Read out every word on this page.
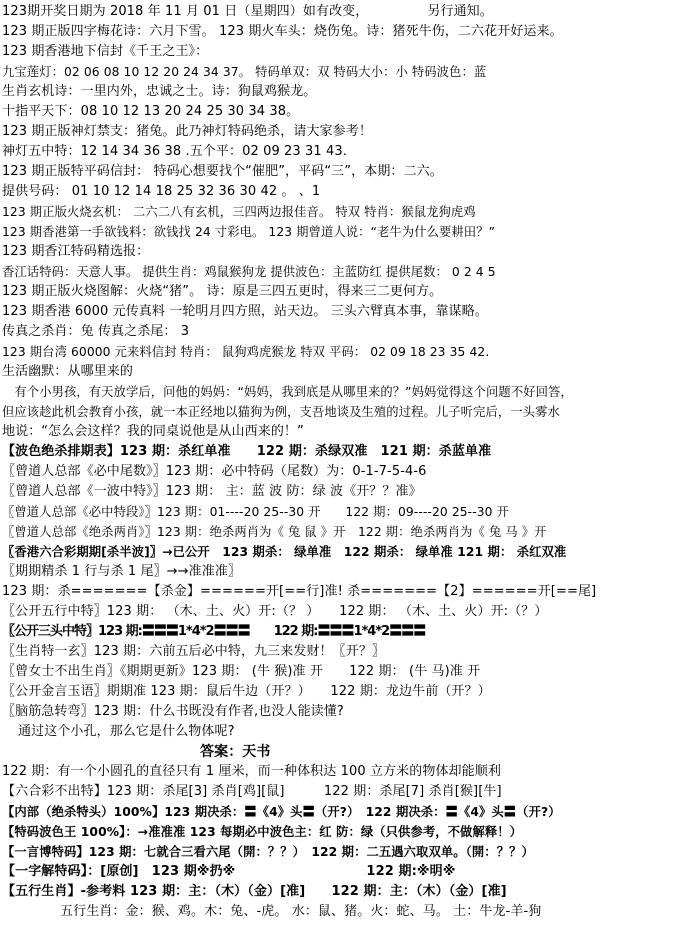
123期开奖日期为 2018 年 11 月 01 日（星期四）如有改变，　　　　　另行通知。
123 期正版四字梅花诗：六月下雪。 123 期火车头：烧伤兔。诗：猪死牛伤，二六花开好运来。
123 期香港地下信封《千王之王》：
九宝莲灯：02 06 08 10 12 20 24 34 37。 特码单双：双 特码大小：小 特码波色：蓝
生肖玄机诗：一里内外，忠诚之士。诗：狗鼠鸡猴龙。
十指平天下：08 10 12 13 20 24 25 30 34 38。
123 期正版神灯禁支：猪兔。此乃神灯特码绝杀，请大家参考！
神灯五中特：12 14 34 36 38 .五个平：02 09 23 31 43.
123 期正版特平码信封： 特码心想要找个“催肥”，平码“三”，本期：二六。
提供号码： 01 10 12 14 18 25 32 36 30 42 。 、1
123 期正版火烧玄机： 二六二八有玄机，三四两边报佳音。 特双 特肖：猴鼠龙狗虎鸡
123 期香港第一手欲钱料：欲钱找 24 寸彩电。 123 期曾道人说：“老牛为什么要耕田？”
123 期香江特码精选报：
香江话特码：天意人事。 提供生肖：鸡鼠猴狗龙 提供波色：主蓝防红 提供尾数： 0 2 4 5
123 期正版火烧图解：火烧“猪”。 诗：原是三四五更时，得来三二更何方。
123 期香港 6000 元传真料 一轮明月四方照，站天边。 三头六臂真本事，靠谋略。
传真之杀肖：兔 传真之杀尾： 3
123 期台湾 60000 元来料信封 特肖： 鼠狗鸡虎猴龙 特双 平码： 02 09 18 23 35 42.
生活幽默：从哪里来的
　有个小男孩，有天放学后，问他的妈妈：“妈妈，我到底是从哪里来的？”妈妈觉得这个问题不好回答，
但应该趁此机会教育小孩，就一本正经地以猫狗为例，支吾地谈及生殖的过程。儿子听完后，一头雾水
地说：“怎么会这样？我的同桌说他是从山西来的！”
【波色绝杀排期表】123 期：杀红单准　　122 期：杀绿双准　121 期：杀蓝单准
〖曾道人总部《必中尾数》〗123 期：必中特码（尾数）为：0-1-7-5-4-6
〖曾道人总部《一波中特》〗123 期： 主：蓝 波 防：绿 波《开？？准》
〖曾道人总部《必中特段》〗123 期：01----20 25--30 开　　122 期：09----20 25--30 开
〖曾道人总部《绝杀两肖》〗123 期：绝杀两肖为《 兔 鼠 》开　122 期：绝杀两肖为《 兔 马 》开
〖香港六合彩期期[杀半波]〗→已公开　123 期杀： 绿单准　122 期杀： 绿单准 121 期： 杀红双准
〖期期精杀 1 行与杀 1 尾〗→→准准准〗
123 期：杀=======【杀金】======开[==行]准! 杀=======【2】======开[==尾]
〖公开五行中特〗123 期： （木、土、火）开:（？ ）　　122 期： （木、土、火）开:（？）
〖公开三头中特〗123 期:〓〓〓1*4*2〓〓〓　　122 期:〓〓〓1*4*2〓〓〓
〖生肖特一玄〗123 期：六前五后必中特，九三来发财！〖开？〗
〖曾女士不出生肖〗《期期更新》123 期： (牛 猴)准 开　　122 期： (牛 马)准 开
〖公开金言玉语〗期期准 123 期：鼠后牛边（开？）　　122 期：龙边牛前（开？）
〖脑筋急转弯〗123 期：什么书既没有作者,也没人能读懂?
通过这个小孔，那么它是什么物体呢?
答案：天书
122 期：有一个小圆孔的直径只有 1 厘米，而一种体积达 100 立方米的物体却能顺利
【六合彩不出特】123 期：杀尾[3] 杀肖[鸡][鼠]　　　122 期：杀尾[7] 杀肖[猴][牛]
【内部（绝杀特头）100%】123 期决杀：〓《4》头〓（开?）　122 期决杀：〓《4》头〓（开?）
【特码波色王 100%】：→准准准 123 每期必中波色主：红 防：绿（只供参考，不做解释！）
【一言博特码】123 期：七就合三看六尾（開：？？）　122 期：二五遇六取双单。（開：？？）
【一字解特码】：[原创]　123 期※扔※　　　　　　　　　　122 期:※明※
【五行生肖】-参考料 123 期：主：（木）（金）[准]　　122 期：主：（木）（金）[准]
五行生肖：金：猴、鸡。木：兔、-虎。 水：鼠、猪。火：蛇、马。 土：牛龙-羊-狗
